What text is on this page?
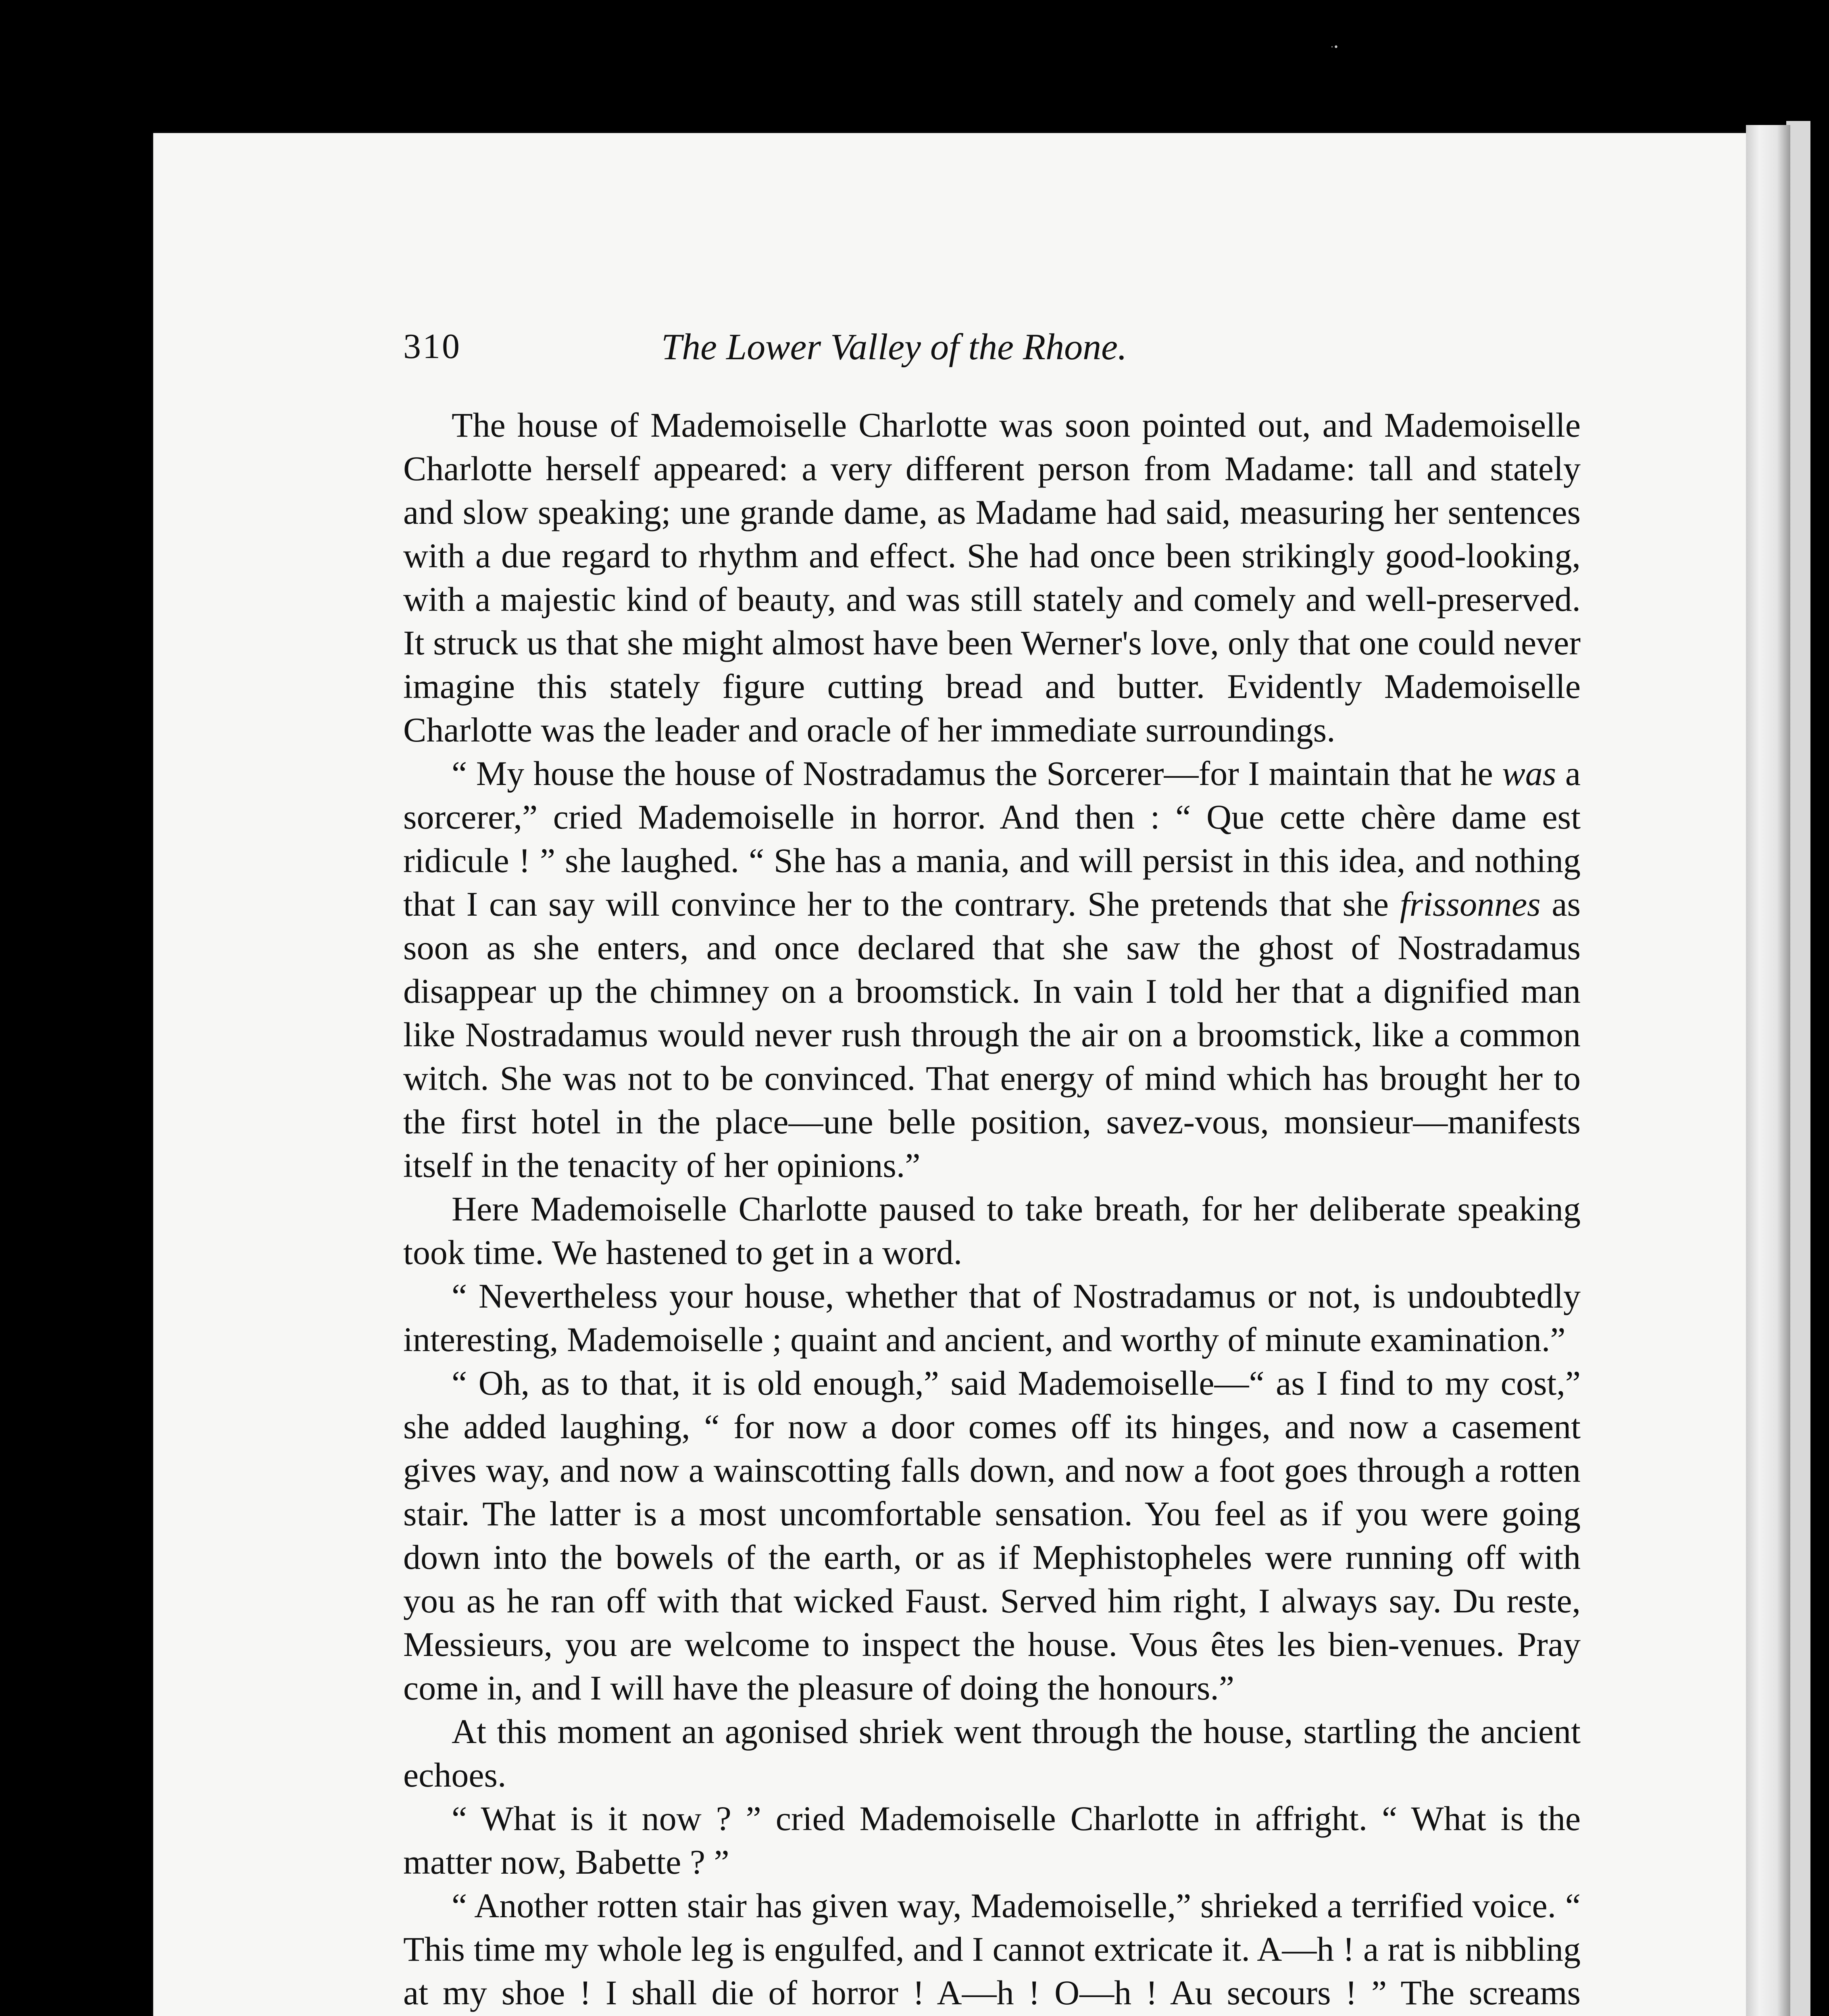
·•
310	The Lower Valley of the Rhone.

The house of Mademoiselle Charlotte was soon pointed out, and Mademoiselle Charlotte herself appeared: a very different person from Madame: tall and stately and slow speaking; une grande dame, as Madame had said, measuring her sentences with a due regard to rhythm and effect. She had once been strikingly good-looking, with a majestic kind of beauty, and was still stately and comely and well-preserved. It struck us that she might almost have been Werner's love, only that one could never imagine this stately figure cutting bread and butter. Evidently Mademoiselle Charlotte was the leader and oracle of her immediate surroundings.

“ My house the house of Nostradamus the Sorcerer—for I maintain that he was a sorcerer,” cried Mademoiselle in horror. And then : “ Que cette chère dame est ridicule ! ” she laughed. “ She has a mania, and will persist in this idea, and nothing that I can say will convince her to the contrary. She pretends that she frissonnes as soon as she enters, and once declared that she saw the ghost of Nostradamus disappear up the chimney on a broomstick. In vain I told her that a dignified man like Nostradamus would never rush through the air on a broomstick, like a common witch. She was not to be convinced. That energy of mind which has brought her to the first hotel in the place—une belle position, savez-vous, monsieur—manifests itself in the tenacity of her opinions.”

Here Mademoiselle Charlotte paused to take breath, for her deliberate speaking took time. We hastened to get in a word.

“ Nevertheless your house, whether that of Nostradamus or not, is undoubtedly interesting, Mademoiselle ; quaint and ancient, and worthy of minute examination.”

“ Oh, as to that, it is old enough,” said Mademoiselle—“ as I find to my cost,” she added laughing, “ for now a door comes off its hinges, and now a casement gives way, and now a wainscotting falls down, and now a foot goes through a rotten stair. The latter is a most uncomfortable sensation. You feel as if you were going down into the bowels of the earth, or as if Mephistopheles were running off with you as he ran off with that wicked Faust. Served him right, I always say. Du reste, Messieurs, you are welcome to inspect the house. Vous êtes les bien-venues. Pray come in, and I will have the pleasure of doing the honours.”

At this moment an agonised shriek went through the house, startling the ancient echoes.

“ What is it now ? ” cried Mademoiselle Charlotte in affright. “ What is the matter now, Babette ? ”

“ Another rotten stair has given way, Mademoiselle,” shrieked a terrified voice. “ This time my whole leg is engulfed, and I cannot extricate it. A—h ! a rat is nibbling at my shoe ! I shall die of horror ! A—h ! O—h ! Au secours ! ” The screams
